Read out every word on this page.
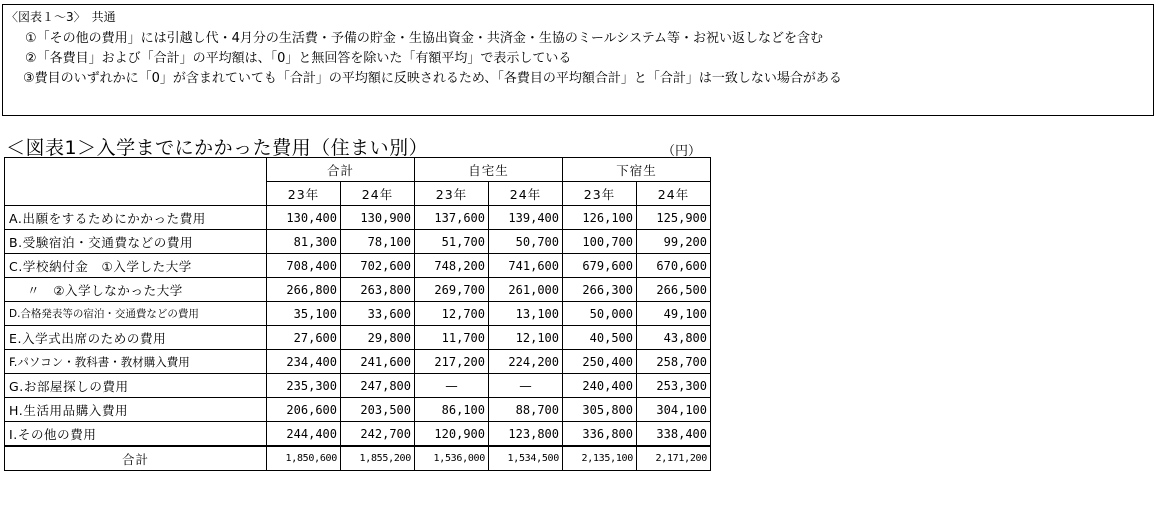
〈図表１～3〉　共通
①「その他の費用」には引越し代・4月分の生活費・予備の貯金・生協出資金・共済金・生協のミールシステム等・お祝い返しなどを含む
②「各費目」および「合計」の平均額は、「0」と無回答を除いた「有額平均」で表示している
③費目のいずれかに「0」が含まれていても「合計」の平均額に反映されるため、「各費目の平均額合計」と「合計」は一致しない場合がある
＜図表1＞入学までにかかった費用（住まい別）	（円）
	合計		自宅生		下宿生	
	23年	24年	23年	24年	23年	24年
A.出願をするためにかかった費用	130,400	130,900	137,600	139,400	126,100	125,900
B.受験宿泊・交通費などの費用	81,300	78,100	51,700	50,700	100,700	99,200
C.学校納付金　①入学した大学	708,400	702,600	748,200	741,600	679,600	670,600
〃　②入学しなかった大学	266,800	263,800	269,700	261,000	266,300	266,500
D.合格発表等の宿泊・交通費などの費用	35,100	33,600	12,700	13,100	50,000	49,100
E.入学式出席のための費用	27,600	29,800	11,700	12,100	40,500	43,800
F.パソコン・教科書・教材購入費用	234,400	241,600	217,200	224,200	250,400	258,700
G.お部屋探しの費用	235,300	247,800	—	—	240,400	253,300
H.生活用品購入費用	206,600	203,500	86,100	88,700	305,800	304,100
I.その他の費用	244,400	242,700	120,900	123,800	336,800	338,400
合計	1,850,600	1,855,200	1,536,000	1,534,500	2,135,100	2,171,200
